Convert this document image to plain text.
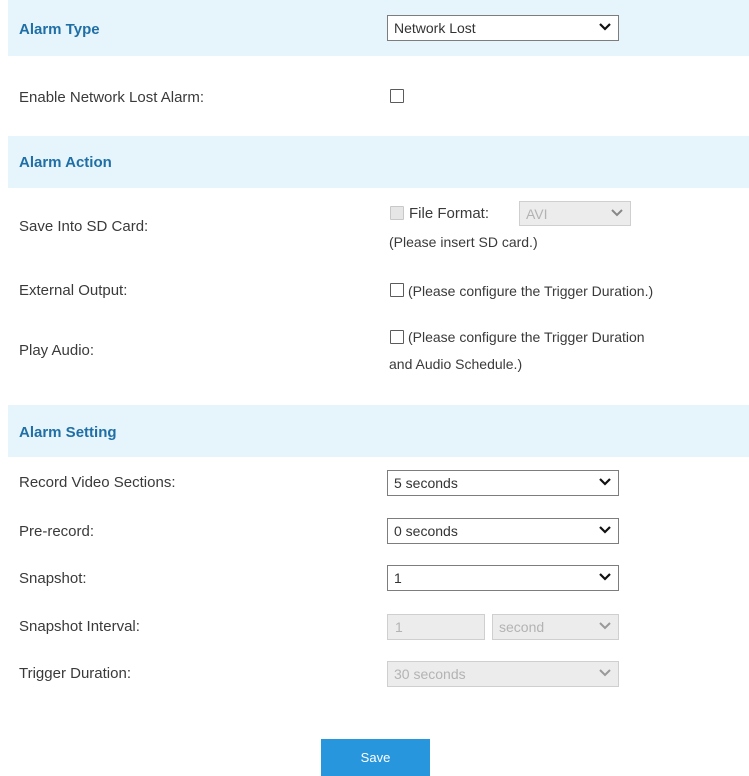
Alarm Type	Network Lost
Enable Network Lost Alarm:
Alarm Action
Save Into SD Card:
File Format:	AVI
(Please insert SD card.)
External Output:	(Please configure the Trigger Duration.)
Play Audio:
(Please configure the Trigger Duration
and Audio Schedule.)
Alarm Setting
Record Video Sections:	5 seconds
Pre-record:	0 seconds
Snapshot:	1
Snapshot Interval:	1	second
Trigger Duration:	30 seconds
Save
